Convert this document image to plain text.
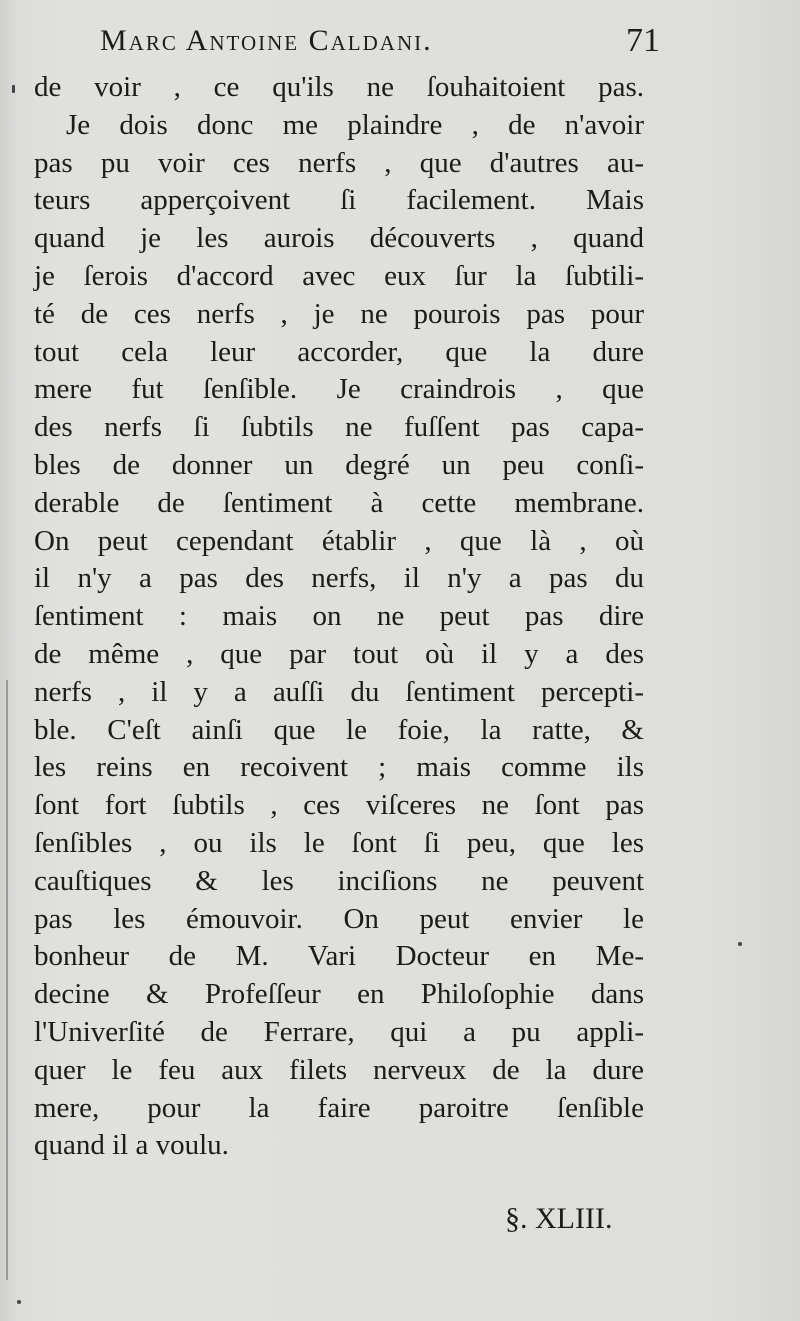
Marc Antoine Caldani.	71
de voir , ce qu'ils ne ſouhaitoient pas.
Je dois donc me plaindre , de n'avoir
pas pu voir ces nerfs , que d'autres au-
teurs apperçoivent ſi facilement. Mais
quand je les aurois découverts , quand
je ſerois d'accord avec eux ſur la ſubtili-
té de ces nerfs , je ne pourois pas pour
tout cela leur accorder, que la dure
mere fut ſenſible. Je craindrois , que
des nerfs ſi ſubtils ne fuſſent pas capa-
bles de donner un degré un peu conſi-
derable de ſentiment à cette membrane.
On peut cependant établir , que là , où
il n'y a pas des nerfs, il n'y a pas du
ſentiment : mais on ne peut pas dire
de même , que par tout où il y a des
nerfs , il y a auſſi du ſentiment percepti-
ble. C'eſt ainſi que le foie, la ratte, &
les reins en recoivent ; mais comme ils
ſont fort ſubtils , ces viſceres ne ſont pas
ſenſibles , ou ils le ſont ſi peu, que les
cauſtiques & les inciſions ne peuvent
pas les émouvoir. On peut envier le
bonheur de M. Vari Docteur en Me-
decine & Profeſſeur en Philoſophie dans
l'Univerſité de Ferrare, qui a pu appli-
quer le feu aux filets nerveux de la dure
mere, pour la faire paroitre ſenſible
quand il a voulu.
§. XLIII.
